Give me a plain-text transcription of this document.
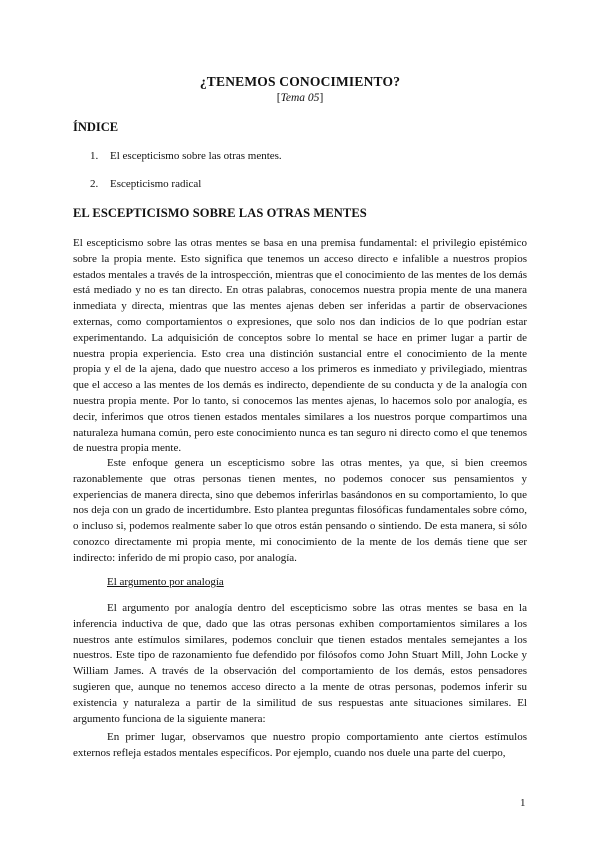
¿TENEMOS CONOCIMIENTO?
[Tema 05]
ÍNDICE
1. El escepticismo sobre las otras mentes.
2. Escepticismo radical
EL ESCEPTICISMO SOBRE LAS OTRAS MENTES

El escepticismo sobre las otras mentes se basa en una premisa fundamental: el privilegio epistémico sobre la propia mente. Esto significa que tenemos un acceso directo e infalible a nuestros propios estados mentales a través de la introspección, mientras que el conocimiento de las mentes de los demás está mediado y no es tan directo. En otras palabras, conocemos nuestra propia mente de una manera inmediata y directa, mientras que las mentes ajenas deben ser inferidas a partir de observaciones externas, como comportamientos o expresiones, que solo nos dan indicios de lo que podrían estar experimentando. La adquisición de conceptos sobre lo mental se hace en primer lugar a partir de nuestra propia experiencia. Esto crea una distinción sustancial entre el conocimiento de la mente propia y el de la ajena, dado que nuestro acceso a los primeros es inmediato y privilegiado, mientras que el acceso a las mentes de los demás es indirecto, dependiente de su conducta y de la analogía con nuestra propia mente. Por lo tanto, si conocemos las mentes ajenas, lo hacemos solo por analogía, es decir, inferimos que otros tienen estados mentales similares a los nuestros porque compartimos una naturaleza humana común, pero este conocimiento nunca es tan seguro ni directo como el que tenemos de nuestra propia mente.

Este enfoque genera un escepticismo sobre las otras mentes, ya que, si bien creemos razonablemente que otras personas tienen mentes, no podemos conocer sus pensamientos y experiencias de manera directa, sino que debemos inferirlas basándonos en su comportamiento, lo que nos deja con un grado de incertidumbre. Esto plantea preguntas filosóficas fundamentales sobre cómo, o incluso si, podemos realmente saber lo que otros están pensando o sintiendo. De esta manera, si sólo conozco directamente mi propia mente, mi conocimiento de la mente de los demás tiene que ser indirecto: inferido de mi propio caso, por analogía.

El argumento por analogía

El argumento por analogía dentro del escepticismo sobre las otras mentes se basa en la inferencia inductiva de que, dado que las otras personas exhiben comportamientos similares a los nuestros ante estímulos similares, podemos concluir que tienen estados mentales semejantes a los nuestros. Este tipo de razonamiento fue defendido por filósofos como John Stuart Mill, John Locke y William James. A través de la observación del comportamiento de los demás, estos pensadores sugieren que, aunque no tenemos acceso directo a la mente de otras personas, podemos inferir su existencia y naturaleza a partir de la similitud de sus respuestas ante situaciones similares. El argumento funciona de la siguiente manera:

En primer lugar, observamos que nuestro propio comportamiento ante ciertos estímulos externos refleja estados mentales específicos. Por ejemplo, cuando nos duele una parte del cuerpo,

1
